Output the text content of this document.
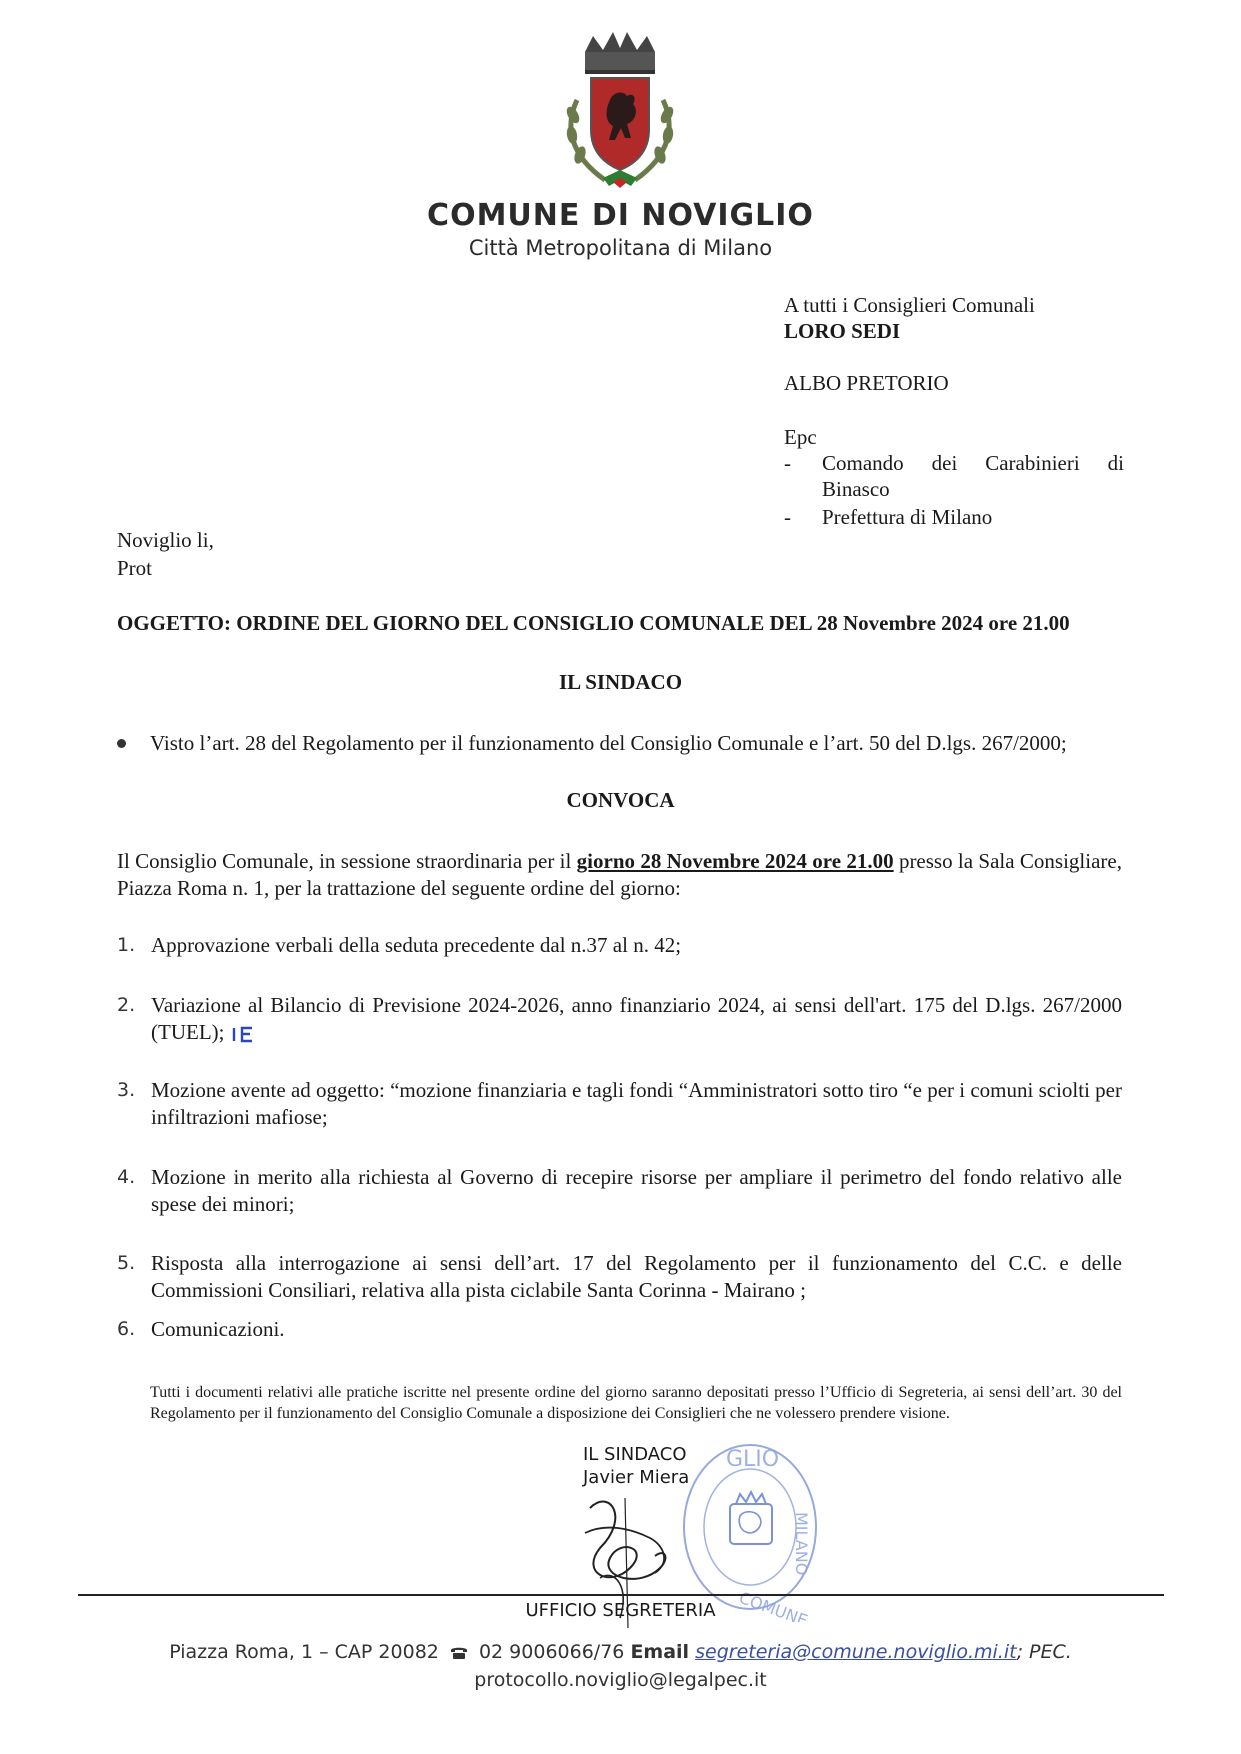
COMUNE DI NOVIGLIO
Città Metropolitana di Milano
A tutti i Consiglieri Comunali
LORO SEDI
ALBO PRETORIO
Epc
- Comando dei Carabinieri di
Binasco
- Prefettura di Milano
Noviglio li,
Prot
OGGETTO: ORDINE DEL GIORNO DEL CONSIGLIO COMUNALE DEL 28 Novembre 2024 ore 21.00
IL SINDACO
Visto l’art. 28 del Regolamento per il funzionamento del Consiglio Comunale e l’art. 50 del D.lgs. 267/2000;
CONVOCA
Il Consiglio Comunale, in sessione straordinaria per il giorno 28 Novembre 2024 ore 21.00 presso la Sala Consigliare, Piazza Roma n. 1, per la trattazione del seguente ordine del giorno:
1. Approvazione verbali della seduta precedente dal n.37 al n. 42;
2. Variazione al Bilancio di Previsione 2024-2026, anno finanziario 2024, ai sensi dell'art. 175 del D.lgs. 267/2000 (TUEL);
3. Mozione avente ad oggetto: “mozione finanziaria e tagli fondi “Amministratori sotto tiro “e per i comuni sciolti per infiltrazioni mafiose;
4. Mozione in merito alla richiesta al Governo di recepire risorse per ampliare il perimetro del fondo relativo alle spese dei minori;
5. Risposta alla interrogazione ai sensi dell’art. 17 del Regolamento per il funzionamento del C.C. e delle Commissioni Consiliari, relativa alla pista ciclabile Santa Corinna - Mairano ;
6. Comunicazioni.
Tutti i documenti relativi alle pratiche iscritte nel presente ordine del giorno saranno depositati presso l’Ufficio di Segreteria, ai sensi dell’art. 30 del Regolamento per il funzionamento del Consiglio Comunale a disposizione dei Consiglieri che ne volessero prendere visione.
GLIO
MILANO
COMUNE
IL SINDACO
Javier Miera
UFFICIO SEGRETERIA
Piazza Roma, 1 – CAP 20082 02 9006066/76 Email segreteria@comune.noviglio.mi.it; PEC.
protocollo.noviglio@legalpec.it
